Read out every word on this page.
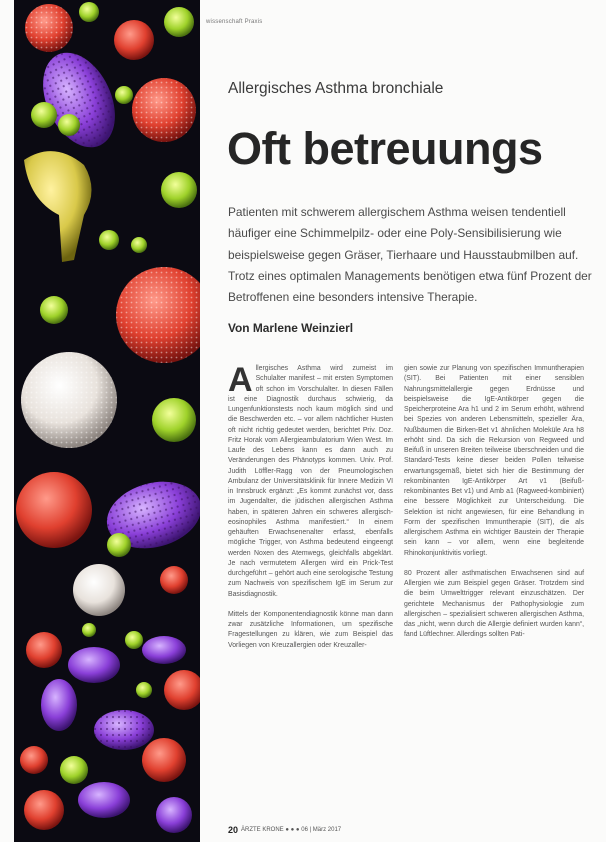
wissenschaft Praxis
Allergisches Asthma bronchiale
Oft betreuungs

Patienten mit schwerem allergischem Asthma weisen tendentiell häufiger eine Schimmelpilz- oder eine Poly-Sensibilisierung wie beispielsweise gegen Gräser, Tierhaare und Hausstaubmilben auf. Trotz eines optimalen Managements benötigen etwa fünf Prozent der Betroffenen eine besonders intensive Therapie.

Von Marlene Weinzierl

Allergisches Asthma wird zumeist im Schulalter manifest – mit ersten Symptomen oft schon im Vorschulalter. In diesen Fällen ist eine Diagnostik durchaus schwierig, da Lungenfunktionstests noch kaum möglich sind und die Beschwerden etc. – vor allem nächtlicher Husten oft nicht richtig gedeutet werden, berichtet Priv. Doz. Fritz Horak vom Allergieambulatorium Wien West. Im Laufe des Lebens kann es dann auch zu Veränderungen des Phänotyps kommen. Univ. Prof. Judith Löffler-Ragg von der Pneumologischen Ambulanz der Universitätsklinik für Innere Medizin VI in Innsbruck ergänzt: „Es kommt zunächst vor, dass im Jugendalter, die jüdischen allergischen Asthma haben, in späteren Jahren ein schweres allergisch-eosinophiles Asthma manifestiert.“ In einem gehäuften Erwachsenenalter erfasst, ebenfalls mögliche Trigger, von Asthma bedeutend eingeengt werden Noxen des Atemwegs, gleichfalls abgeklärt. Je nach vermutetem Allergen wird ein Prick-Test durchgeführt – gehört auch eine serologische Testung zum Nachweis von spezifischem IgE im Serum zur Basisdiagnostik.

Mittels der Komponentendiagnostik könne man dann zwar zusätzliche Informationen, um spezifische Fragestellungen zu klären, wie zum Beispiel das Vorliegen von Kreuzallergien oder Kreuzaller-

gien sowie zur Planung von spezifischen Immuntherapien (SIT). Bei Patienten mit einer sensiblen Nahrungsmittelallergie gegen Erdnüsse und beispielsweise die IgE-Antikörper gegen die Speicherproteine Ara h1 und 2 im Serum erhöht, während bei Spezies von anderen Lebensmitteln, spezieller Ära, Nußbäumen die Birken-Bet v1 ähnlichen Moleküle Ara h8 erhöht sind. Da sich die Rekursion von Regweed und Beifuß in unseren Breiten teilweise überschneiden und die Standard-Tests keine dieser beiden Pollen teilweise erwartungsgemäß, bietet sich hier die Bestimmung der rekombinanten IgE-Antikörper Art v1 (Beifuß-rekombinantes Bet v1) und Amb a1 (Ragweed-kombiniert) eine bessere Möglichkeit zur Unterscheidung. Die Selektion ist nicht angewiesen, für eine Behandlung in Form der spezifischen Immuntherapie (SIT), die als allergischem Asthma ein wichtiger Baustein der Therapie sein kann – vor allem, wenn eine begleitende Rhinokonjunktivitis vorliegt.

80 Prozent aller asthmatischen Erwachsenen sind auf Allergien wie zum Beispiel gegen Gräser. Trotzdem sind die beim Umwelttrigger relevant einzuschätzen. Der gerichtete Mechanismus der Pathophysiologie zum allergischen – spezialisiert schweren allergischen Asthma, das „nicht, wenn durch die Allergie definiert wurden kann“, fand Lüftlechner. Allerdings sollten Pati-

20 ÄRZTE KRONE ● ● ● 06 | März 2017
